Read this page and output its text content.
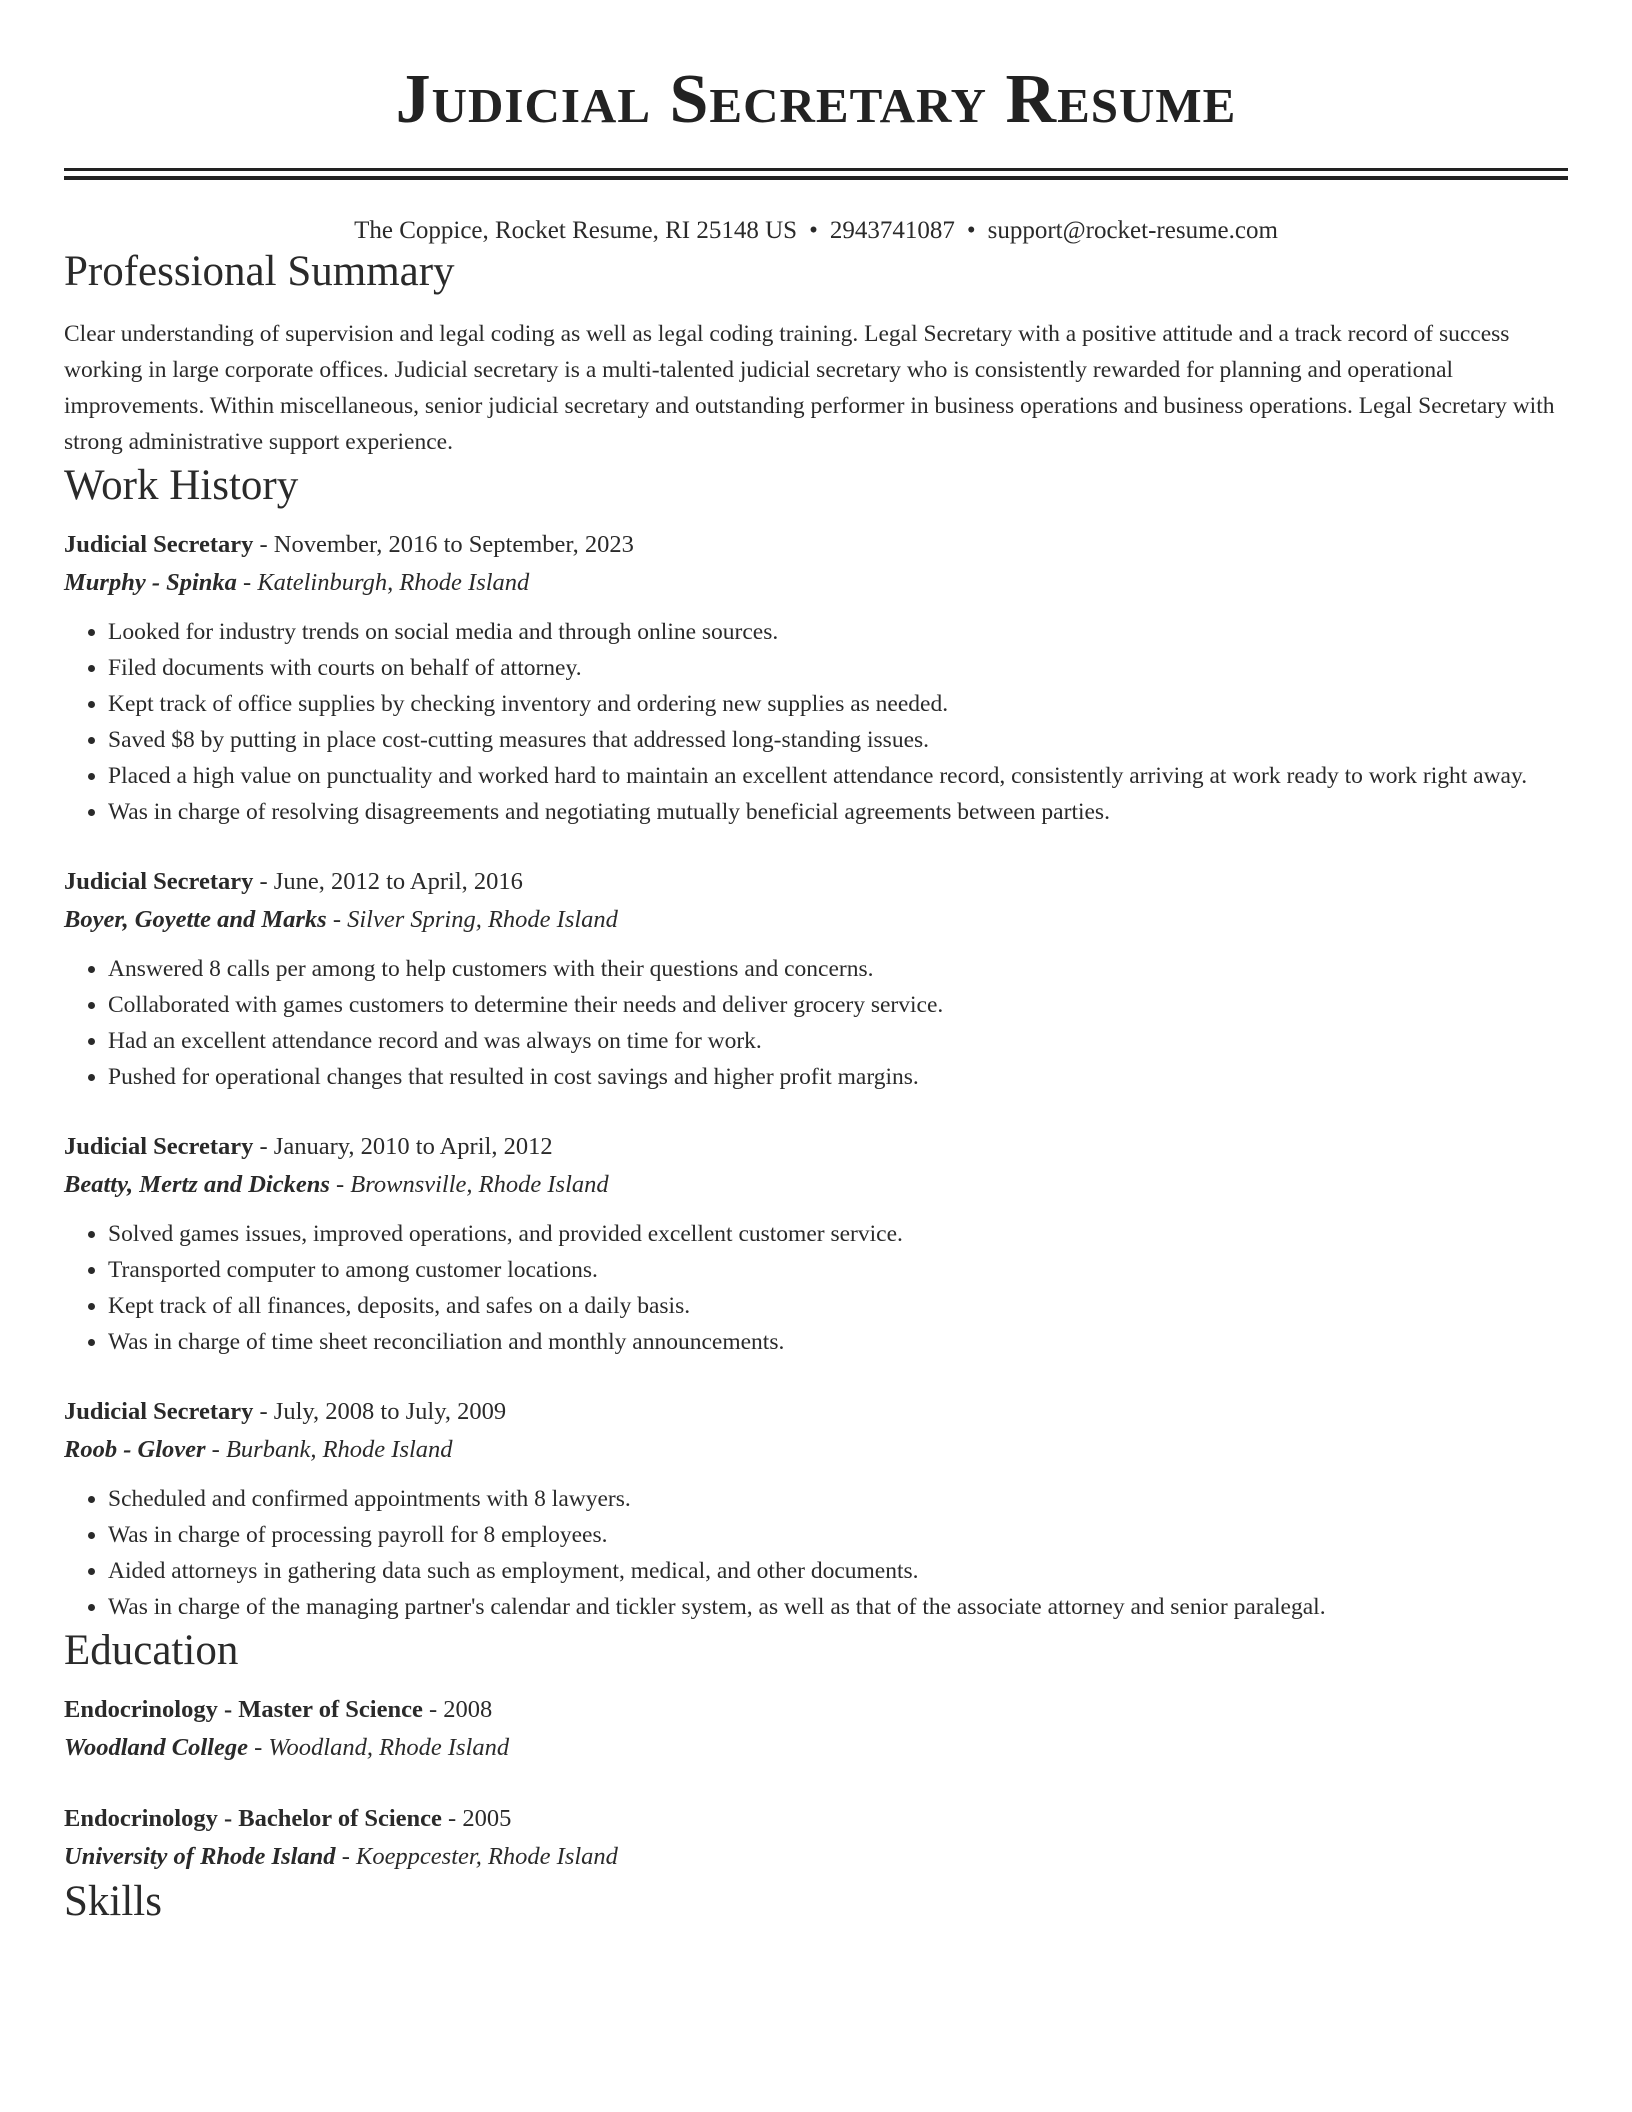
Judicial Secretary Resume
The Coppice, Rocket Resume, RI 25148 US • 2943741087 • support@rocket-resume.com
Professional Summary

Clear understanding of supervision and legal coding as well as legal coding training. Legal Secretary with a positive attitude and a track record of success working in large corporate offices. Judicial secretary is a multi-talented judicial secretary who is consistently rewarded for planning and operational improvements. Within miscellaneous, senior judicial secretary and outstanding performer in business operations and business operations. Legal Secretary with strong administrative support experience.

Work History
Judicial Secretary - November, 2016 to September, 2023
Murphy - Spinka - Katelinburgh, Rhode Island
• Looked for industry trends on social media and through online sources.
• Filed documents with courts on behalf of attorney.
• Kept track of office supplies by checking inventory and ordering new supplies as needed.
• Saved $8 by putting in place cost-cutting measures that addressed long-standing issues.
• Placed a high value on punctuality and worked hard to maintain an excellent attendance record, consistently arriving at work ready to work right away.
• Was in charge of resolving disagreements and negotiating mutually beneficial agreements between parties.
Judicial Secretary - June, 2012 to April, 2016
Boyer, Goyette and Marks - Silver Spring, Rhode Island
• Answered 8 calls per among to help customers with their questions and concerns.
• Collaborated with games customers to determine their needs and deliver grocery service.
• Had an excellent attendance record and was always on time for work.
• Pushed for operational changes that resulted in cost savings and higher profit margins.
Judicial Secretary - January, 2010 to April, 2012
Beatty, Mertz and Dickens - Brownsville, Rhode Island
• Solved games issues, improved operations, and provided excellent customer service.
• Transported computer to among customer locations.
• Kept track of all finances, deposits, and safes on a daily basis.
• Was in charge of time sheet reconciliation and monthly announcements.
Judicial Secretary - July, 2008 to July, 2009
Roob - Glover - Burbank, Rhode Island
• Scheduled and confirmed appointments with 8 lawyers.
• Was in charge of processing payroll for 8 employees.
• Aided attorneys in gathering data such as employment, medical, and other documents.
• Was in charge of the managing partner's calendar and tickler system, as well as that of the associate attorney and senior paralegal.
Education
Endocrinology - Master of Science - 2008
Woodland College - Woodland, Rhode Island
Endocrinology - Bachelor of Science - 2005
University of Rhode Island - Koeppcester, Rhode Island
Skills
